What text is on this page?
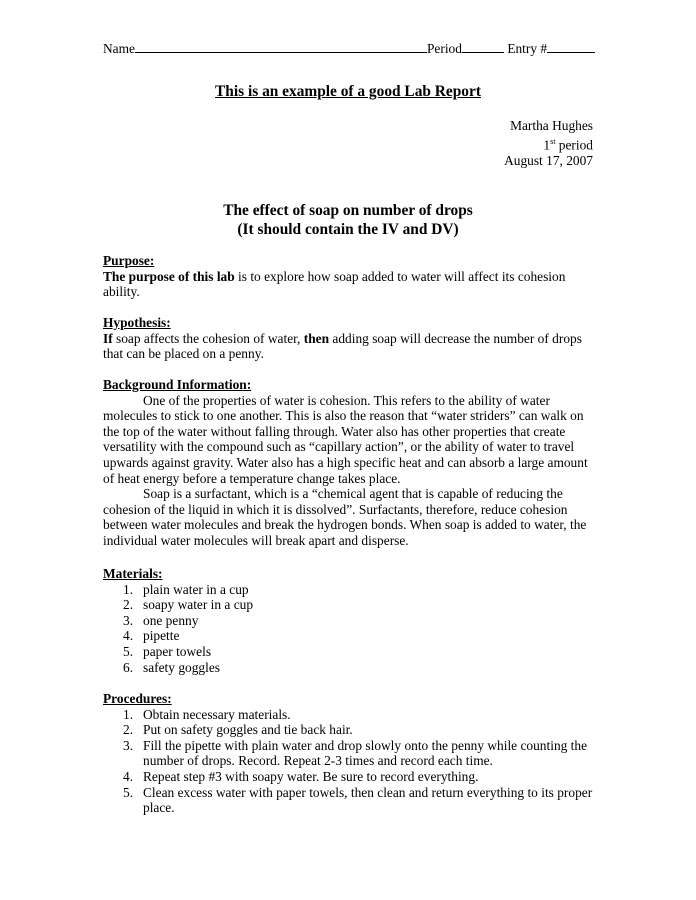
Name	Period	Entry #
This is an example of a good Lab Report
Martha Hughes
1st period
August 17, 2007
The effect of soap on number of drops
(It should contain the IV and DV)
Purpose:

The purpose of this lab is to explore how soap added to water will affect its cohesion ability.

Hypothesis:

If soap affects the cohesion of water, then adding soap will decrease the number of drops that can be placed on a penny.

Background Information:

One of the properties of water is cohesion. This refers to the ability of water molecules to stick to one another. This is also the reason that “water striders” can walk on the top of the water without falling through. Water also has other properties that create versatility with the compound such as “capillary action”, or the ability of water to travel upwards against gravity. Water also has a high specific heat and can absorb a large amount of heat energy before a temperature change takes place.

Soap is a surfactant, which is a “chemical agent that is capable of reducing the cohesion of the liquid in which it is dissolved”. Surfactants, therefore, reduce cohesion between water molecules and break the hydrogen bonds. When soap is added to water, the individual water molecules will break apart and disperse.

Materials:
1. plain water in a cup
2. soapy water in a cup
3. one penny
4. pipette
5. paper towels
6. safety goggles
Procedures:
1. Obtain necessary materials.
2. Put on safety goggles and tie back hair.
3. Fill the pipette with plain water and drop slowly onto the penny while counting the number of drops. Record. Repeat 2-3 times and record each time.
4. Repeat step #3 with soapy water. Be sure to record everything.
5. Clean excess water with paper towels, then clean and return everything to its proper place.
